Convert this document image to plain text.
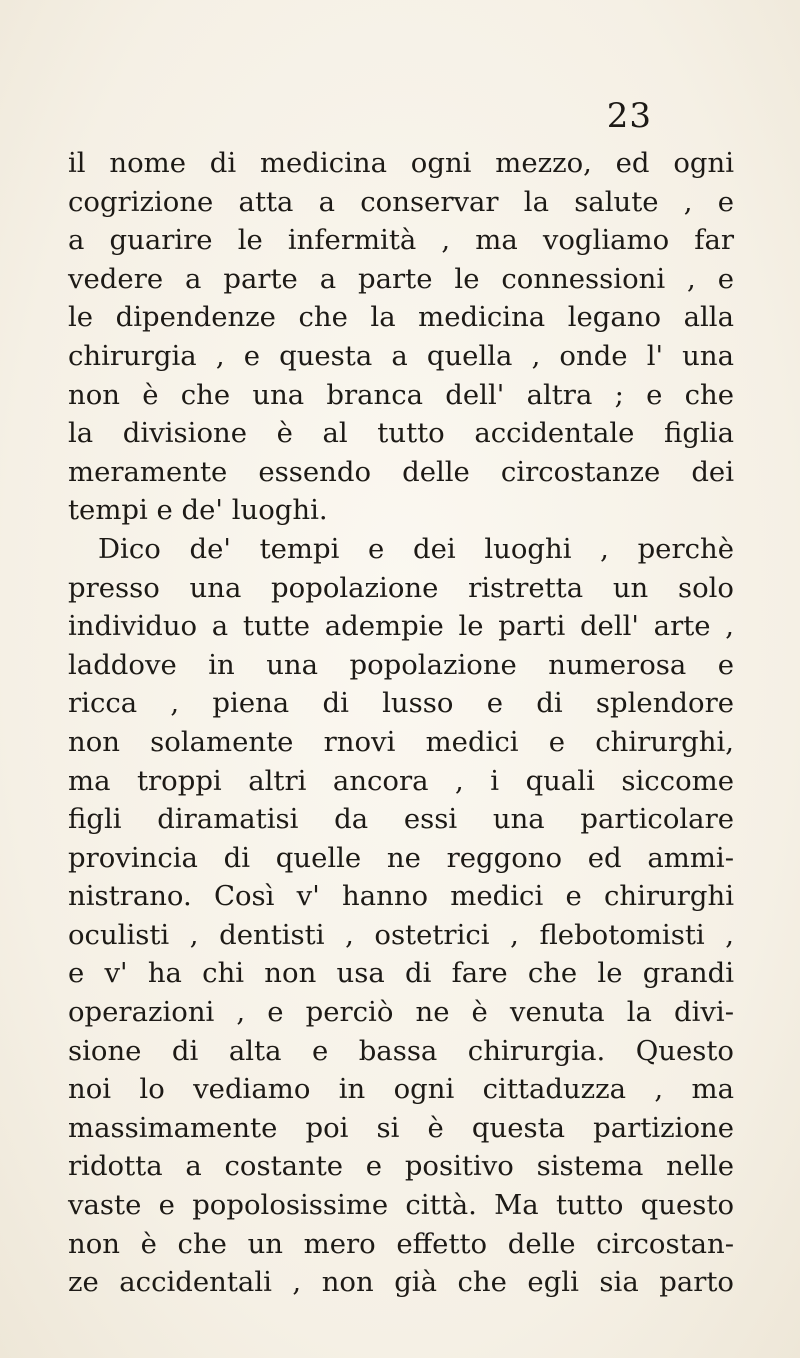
23
il nome di medicina ogni mezzo, ed ogni
cogrizione atta a conservar la salute , e
a guarire le infermità , ma vogliamo far
vedere a parte a parte le connessioni , e
le dipendenze che la medicina legano alla
chirurgia , e questa a quella , onde l' una
non è che una branca dell' altra ; e che
la divisione è al tutto accidentale figlia
meramente essendo delle circostanze dei
tempi e de' luoghi.
Dico de' tempi e dei luoghi , perchè
presso una popolazione ristretta un solo
individuo a tutte adempie le parti dell' arte ,
laddove in una popolazione numerosa e
ricca , piena di lusso e di splendore
non solamente rnovi medici e chirurghi,
ma troppi altri ancora , i quali siccome
figli diramatisi da essi una particolare
provincia di quelle ne reggono ed ammi-
nistrano. Così v' hanno medici e chirurghi
oculisti , dentisti , ostetrici , flebotomisti ,
e v' ha chi non usa di fare che le grandi
operazioni , e perciò ne è venuta la divi-
sione di alta e bassa chirurgia. Questo
noi lo vediamo in ogni cittaduzza , ma
massimamente poi si è questa partizione
ridotta a costante e positivo sistema nelle
vaste e popolosissime città. Ma tutto questo
non è che un mero effetto delle circostan-
ze accidentali , non già che egli sia parto
